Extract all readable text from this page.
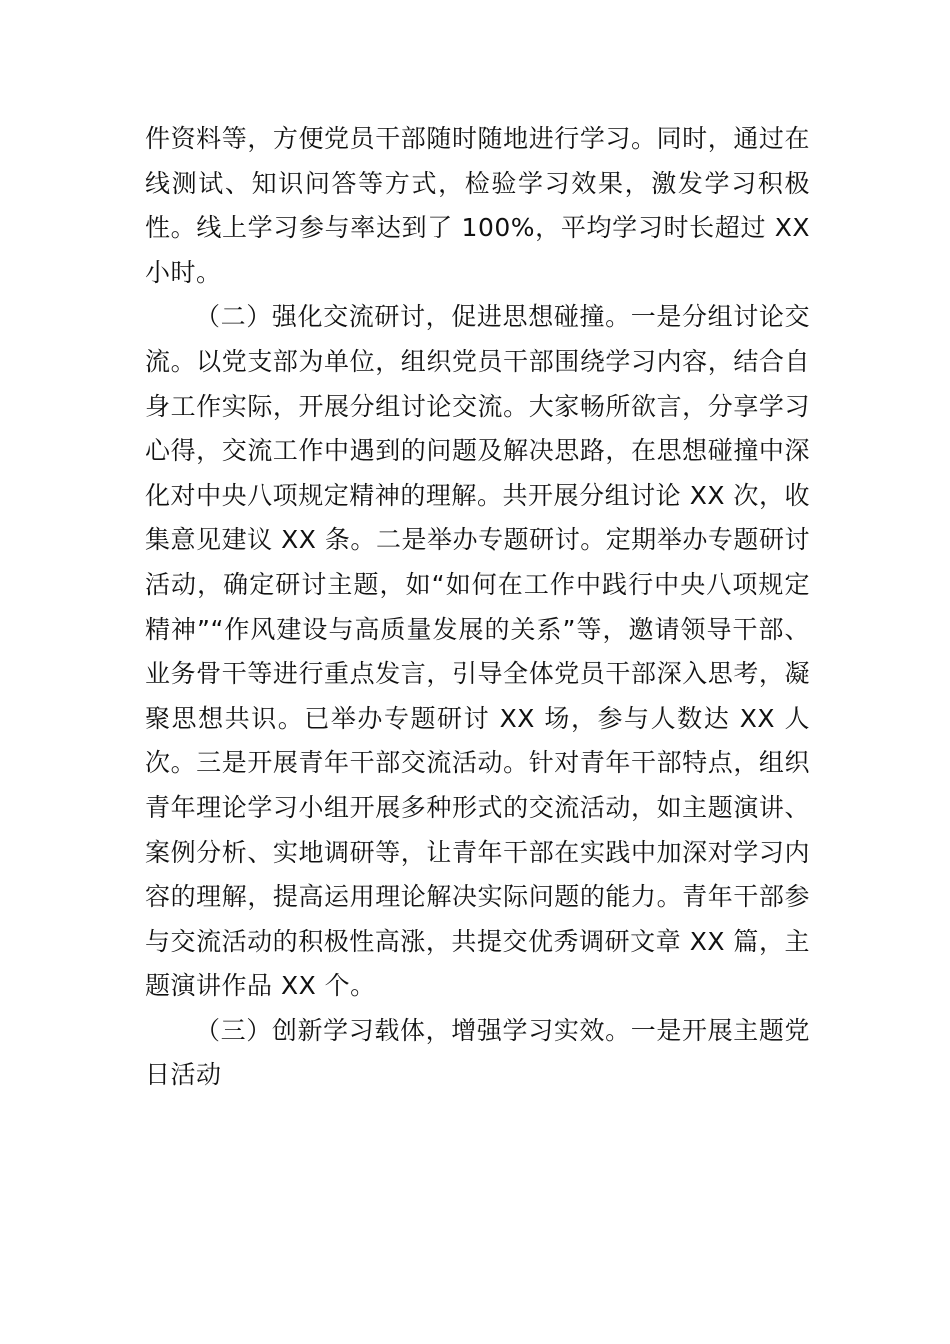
件资料等，方便党员干部随时随地进行学习。同时，通过在线测试、知识问答等方式，检验学习效果，激发学习积极性。线上学习参与率达到了 100%，平均学习时长超过 XX 小时。

（二）强化交流研讨，促进思想碰撞。一是分组讨论交流。以党支部为单位，组织党员干部围绕学习内容，结合自身工作实际，开展分组讨论交流。大家畅所欲言，分享学习心得，交流工作中遇到的问题及解决思路，在思想碰撞中深化对中央八项规定精神的理解。共开展分组讨论 XX 次，收集意见建议 XX 条。二是举办专题研讨。定期举办专题研讨活动，确定研讨主题，如“如何在工作中践行中央八项规定精神”“作风建设与高质量发展的关系”等，邀请领导干部、业务骨干等进行重点发言，引导全体党员干部深入思考，凝聚思想共识。已举办专题研讨 XX 场，参与人数达 XX 人次。三是开展青年干部交流活动。针对青年干部特点，组织青年理论学习小组开展多种形式的交流活动，如主题演讲、案例分析、实地调研等，让青年干部在实践中加深对学习内容的理解，提高运用理论解决实际问题的能力。青年干部参与交流活动的积极性高涨，共提交优秀调研文章 XX 篇，主题演讲作品 XX 个。

（三）创新学习载体，增强学习实效。一是开展主题党日活动
